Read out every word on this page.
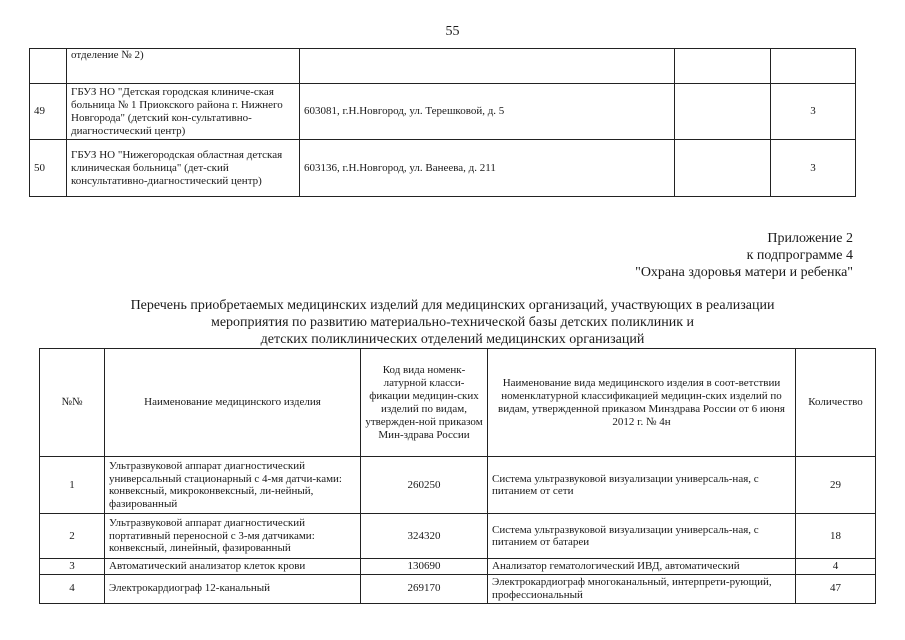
55
	отделение № 2)			
49	ГБУЗ НО "Детская городская клиниче-ская больница № 1 Приокского района г. Нижнего Новгорода" (детский кон-сультативно-диагностический центр)	603081, г.Н.Новгород, ул. Терешковой, д. 5		3
50	ГБУЗ НО "Нижегородская областная детская клиническая больница" (дет-ский консультативно-диагностический центр)	603136, г.Н.Новгород, ул. Ванеева, д. 211		3
Приложение 2
к подпрограмме 4
"Охрана здоровья матери и ребенка"
Перечень приобретаемых медицинских изделий для медицинских организаций, участвующих в реализации
мероприятия по развитию материально-технической базы детских поликлиник и
детских поликлинических отделений медицинских организаций
№№	Наименование медицинского изделия	Код вида номенк-латурной класси-фикации медицин-ских изделий по видам, утвержден-ной приказом Мин-здрава России	Наименование вида медицинского изделия в соот-ветствии номенклатурной классификацией медицин-ских изделий по видам, утвержденной приказом Минздрава России от 6 июня 2012 г. № 4н	Количество
1	Ультразвуковой аппарат диагностический универсальный стационарный с 4-мя датчи-ками: конвексный, микроконвексный, ли-нейный, фазированный	260250	Система ультразвуковой визуализации универсаль-ная, с питанием от сети	29
2	Ультразвуковой аппарат диагностический портативный переносной с 3-мя датчиками: конвексный, линейный, фазированный	324320	Система ультразвуковой визуализации универсаль-ная, с питанием от батареи	18
3	Автоматический анализатор клеток крови	130690	Анализатор гематологический ИВД, автоматический	4
4	Электрокардиограф 12-канальный	269170	Электрокардиограф многоканальный, интерпрети-рующий, профессиональный	47
